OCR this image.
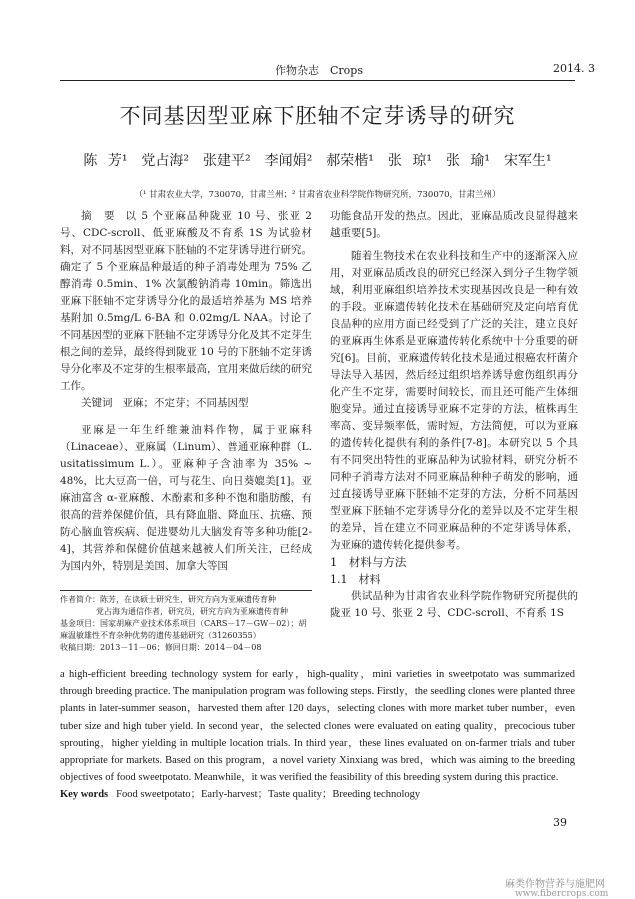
作物杂志　Crops	2014. 3
不同基因型亚麻下胚轴不定芽诱导的研究
陈 芳¹　党占海²　张建平²　李闻娟²　郝荣楷¹　张 琼¹　张 瑜¹　宋军生¹
（¹ 甘肃农业大学，730070，甘肃兰州；² 甘肃省农业科学院作物研究所，730070，甘肃兰州）

摘　要 以 5 个亚麻品种陇亚 10 号、张亚 2 号、CDC-scroll、低亚麻酸及不育系 1S 为试验材料，对不同基因型亚麻下胚轴的不定芽诱导进行研究。确定了 5 个亚麻品种最适的种子消毒处理为 75% 乙醇消毒 0.5min、1% 次氯酸钠消毒 10min。筛选出亚麻下胚轴不定芽诱导分化的最适培养基为 MS 培养基附加 0.5mg/L 6-BA 和 0.02mg/L NAA。讨论了不同基因型的亚麻下胚轴不定芽诱导分化及其不定芽生根之间的差异，最终得到陇亚 10 号的下胚轴不定芽诱导分化率及不定芽的生根率最高，宜用来做后续的研究工作。

关键词 亚麻；不定芽；不同基因型

亚麻是一年生纤维兼油料作物，属于亚麻科（Linaceae）、亚麻属（Linum）、普通亚麻种群（L. usitatissimum L.）。亚麻种子含油率为 35% ~ 48%，比大豆高一倍，可与花生、向日葵媲美[1]。亚麻油富含 α-亚麻酸、木酚素和多种不饱和脂肪酸，有很高的营养保健价值，具有降血脂、降血压、抗癌、预防心脑血管疾病、促进婴幼儿大脑发育等多种功能[2-4]，其营养和保健价值越来越被人们所关注，已经成为国内外，特别是美国、加拿大等国

作者简介：陈芳，在读硕士研究生，研究方向为亚麻遗传育种

党占海为通信作者，研究员，研究方向为亚麻遗传育种

基金项目：国家胡麻产业技术体系项目（CARS－17－GW－02）；胡麻温敏雄性不育杂种优势的遗传基础研究（31260355）

收稿日期：2013－11－06；修回日期：2014－04－08

功能食品开发的热点。因此，亚麻品质改良显得越来越重要[5]。

随着生物技术在农业科技和生产中的逐渐深入应用，对亚麻品质改良的研究已经深入到分子生物学领域，利用亚麻组织培养技术实现基因改良是一种有效的手段。亚麻遗传转化技术在基础研究及定向培育优良品种的应用方面已经受到了广泛的关注，建立良好的亚麻再生体系是亚麻遗传转化系统中十分重要的研究[6]。目前，亚麻遗传转化技术是通过根癌农杆菌介导法导入基因，然后经过组织培养诱导愈伤组织再分化产生不定芽，需要时间较长，而且还可能产生体细胞变异。通过直接诱导亚麻不定芽的方法，植株再生率高、变异频率低，需时短，方法简便，可以为亚麻的遗传转化提供有利的条件[7-8]。本研究以 5 个具有不同突出特性的亚麻品种为试验材料，研究分析不同种子消毒方法对不同亚麻品种种子萌发的影响，通过直接诱导亚麻下胚轴不定芽的方法，分析不同基因型亚麻下胚轴不定芽诱导分化的差异以及不定芽生根的差异，旨在建立不同亚麻品种的不定芽诱导体系，为亚麻的遗传转化提供参考。

1　材料与方法

1.1　材料

供试品种为甘肃省农业科学院作物研究所提供的陇亚 10 号、张亚 2 号、CDC-scroll、不育系 1S

a high-efficient breeding technology system for early，high-quality，mini varieties in sweetpotato was summarized through breeding practice. The manipulation program was following steps. Firstly，the seedling clones were planted three plants in later-summer season，harvested them after 120 days，selecting clones with more market tuber number，even tuber size and high tuber yield. In second year，the selected clones were evaluated on eating quality，precocious tuber sprouting，higher yielding in multiple location trials. In third year，these lines evaluated on on-farmer trials and tuber appropriate for markets. Based on this program，a novel variety Xinxiang was bred，which was aiming to the breeding objectives of food sweetpotato. Meanwhile，it was verified the feasibility of this breeding system during this practice.

Key words Food sweetpotato；Early-harvest；Taste quality；Breeding technology

39
麻类作物营养与施肥网
www.fibercrops.com
